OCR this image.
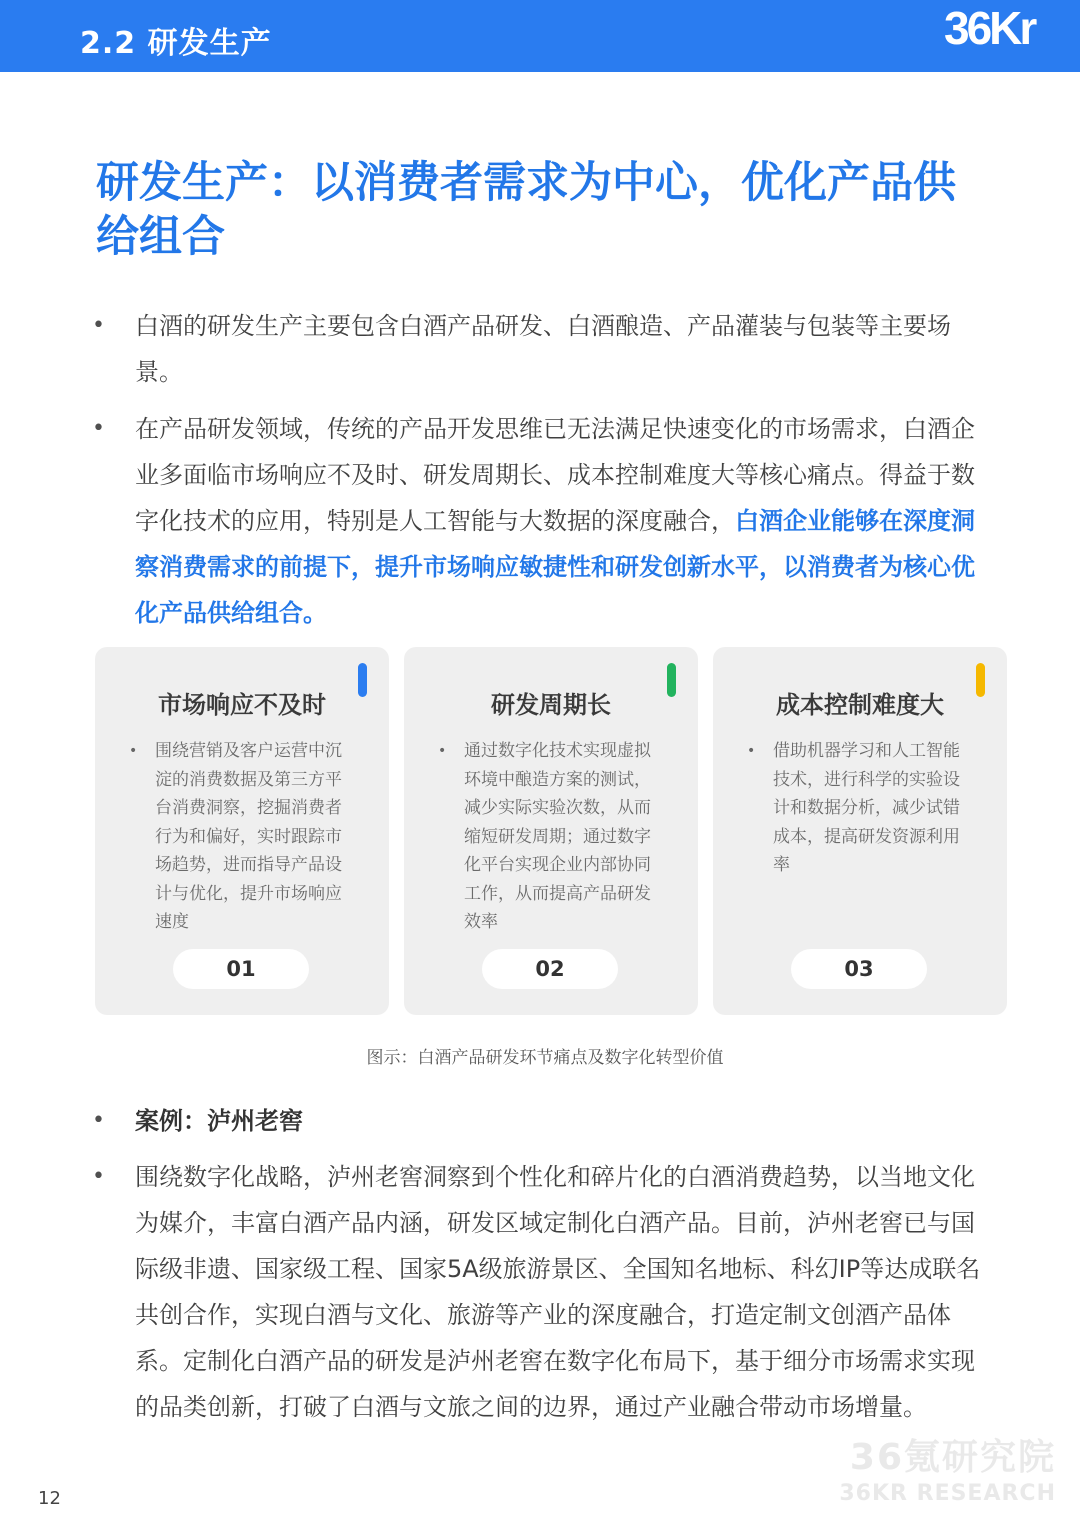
2.2 研发生产	36Kr
研发生产：以消费者需求为中心，优化产品供给组合
•	白酒的研发生产主要包含白酒产品研发、白酒酿造、产品灌装与包装等主要场景。

•	在产品研发领域，传统的产品开发思维已无法满足快速变化的市场需求，白酒企业多面临市场响应不及时、研发周期长、成本控制难度大等核心痛点。得益于数字化技术的应用，特别是人工智能与大数据的深度融合，白酒企业能够在深度洞察消费需求的前提下，提升市场响应敏捷性和研发创新水平，以消费者为核心优化产品供给组合。

市场响应不及时
• 围绕营销及客户运营中沉淀的消费数据及第三方平台消费洞察，挖掘消费者行为和偏好，实时跟踪市场趋势，进而指导产品设计与优化，提升市场响应速度

01
研发周期长
• 通过数字化技术实现虚拟环境中酿造方案的测试，减少实际实验次数，从而缩短研发周期；通过数字化平台实现企业内部协同工作，从而提高产品研发效率

02
成本控制难度大
• 借助机器学习和人工智能技术，进行科学的实验设计和数据分析，减少试错成本，提高研发资源利用率

03
图示：白酒产品研发环节痛点及数字化转型价值
•	案例：泸州老窖

•	围绕数字化战略，泸州老窖洞察到个性化和碎片化的白酒消费趋势，以当地文化为媒介，丰富白酒产品内涵，研发区域定制化白酒产品。目前，泸州老窖已与国际级非遗、国家级工程、国家5A级旅游景区、全国知名地标、科幻IP等达成联名共创合作，实现白酒与文化、旅游等产业的深度融合，打造定制文创酒产品体系。定制化白酒产品的研发是泸州老窖在数字化布局下，基于细分市场需求实现的品类创新，打破了白酒与文旅之间的边界，通过产业融合带动市场增量。

12
36氪研究院
36KR RESEARCH
